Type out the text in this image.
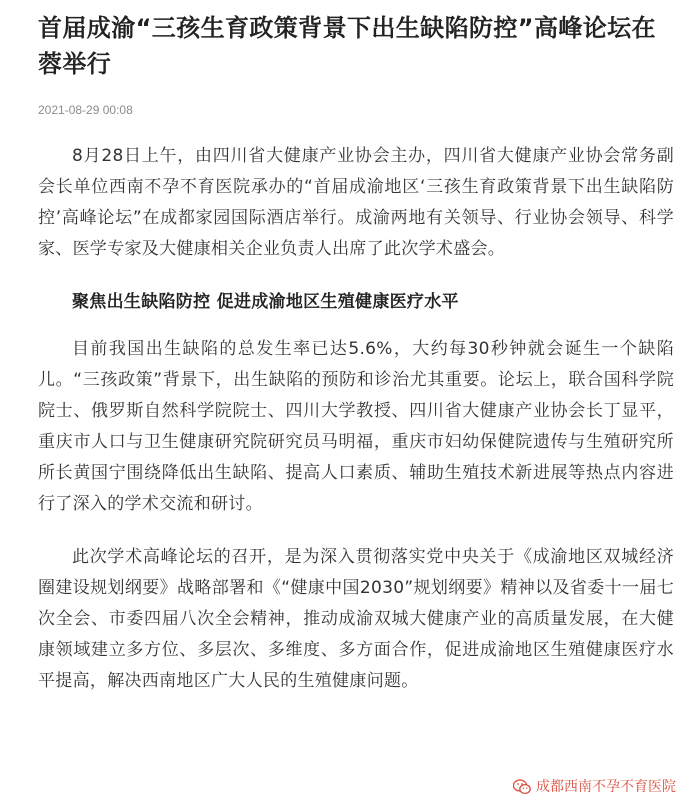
首届成渝“三孩生育政策背景下出生缺陷防控”高峰论坛在蓉举行
2021-08-29 00:08

8月28日上午，由四川省大健康产业协会主办，四川省大健康产业协会常务副会长单位西南不孕不育医院承办的“首届成渝地区‘三孩生育政策背景下出生缺陷防控’高峰论坛”在成都家园国际酒店举行。成渝两地有关领导、行业协会领导、科学家、医学专家及大健康相关企业负责人出席了此次学术盛会。

聚焦出生缺陷防控 促进成渝地区生殖健康医疗水平

目前我国出生缺陷的总发生率已达5.6%，大约每30秒钟就会诞生一个缺陷儿。“三孩政策”背景下，出生缺陷的预防和诊治尤其重要。论坛上，联合国科学院院士、俄罗斯自然科学院院士、四川大学教授、四川省大健康产业协会长丁显平，重庆市人口与卫生健康研究院研究员马明福，重庆市妇幼保健院遗传与生殖研究所所长黄国宁围绕降低出生缺陷、提高人口素质、辅助生殖技术新进展等热点内容进行了深入的学术交流和研讨。

此次学术高峰论坛的召开，是为深入贯彻落实党中央关于《成渝地区双城经济圈建设规划纲要》战略部署和《“健康中国2030”规划纲要》精神以及省委十一届七次全会、市委四届八次全会精神，推动成渝双城大健康产业的高质量发展，在大健康领域建立多方位、多层次、多维度、多方面合作，促进成渝地区生殖健康医疗水平提高，解决西南地区广大人民的生殖健康问题。

成都西南不孕不育医院
